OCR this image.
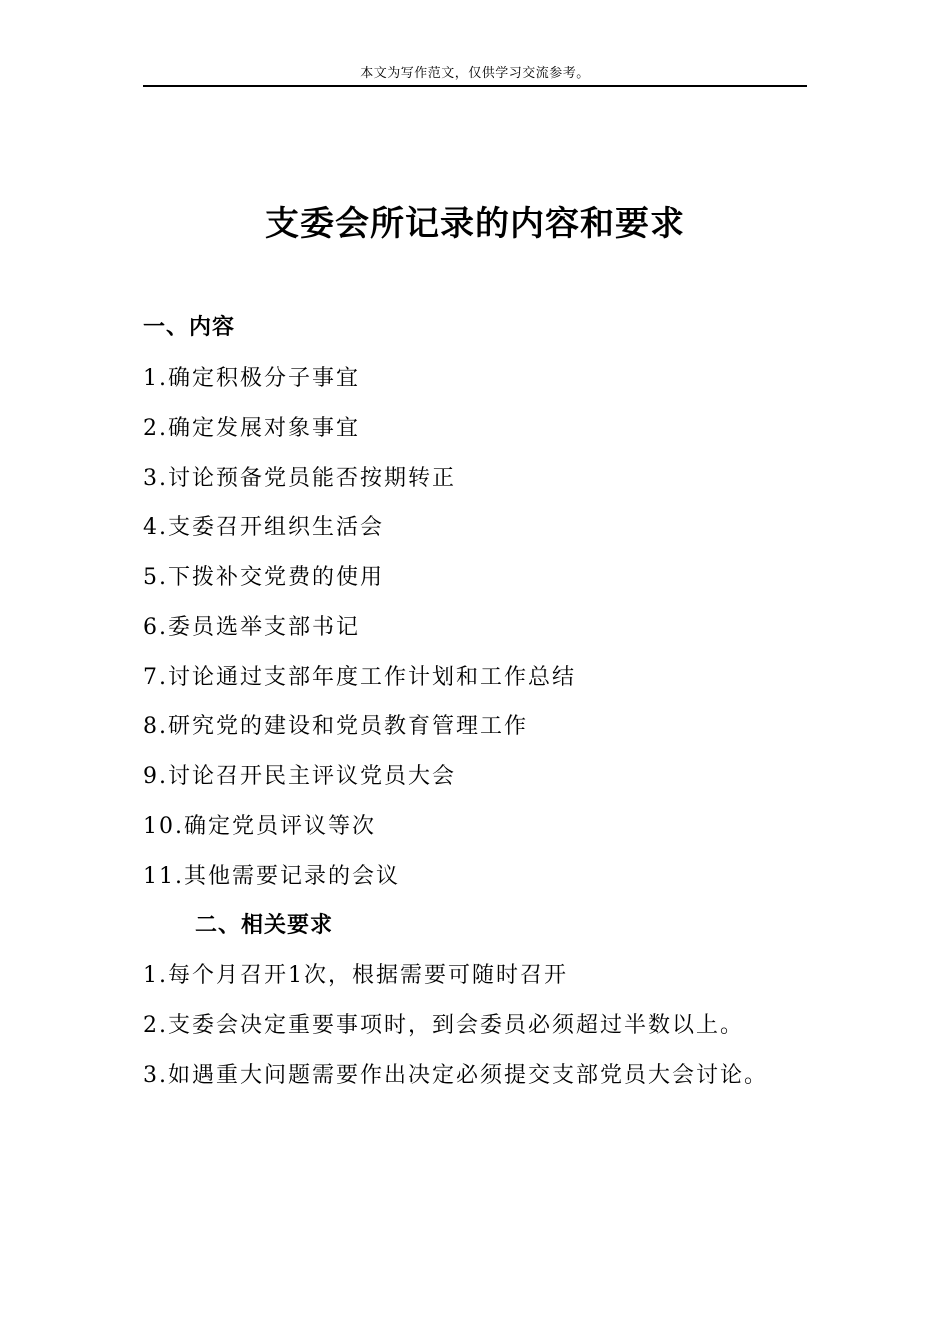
本文为写作范文，仅供学习交流参考。
支委会所记录的内容和要求
一、内容
1.确定积极分子事宜
2.确定发展对象事宜
3.讨论预备党员能否按期转正
4.支委召开组织生活会
5.下拨补交党费的使用
6.委员选举支部书记
7.讨论通过支部年度工作计划和工作总结
8.研究党的建设和党员教育管理工作
9.讨论召开民主评议党员大会
10.确定党员评议等次
11.其他需要记录的会议
二、相关要求
1.每个月召开1次，根据需要可随时召开
2.支委会决定重要事项时，到会委员必须超过半数以上。
3.如遇重大问题需要作出决定必须提交支部党员大会讨论。
